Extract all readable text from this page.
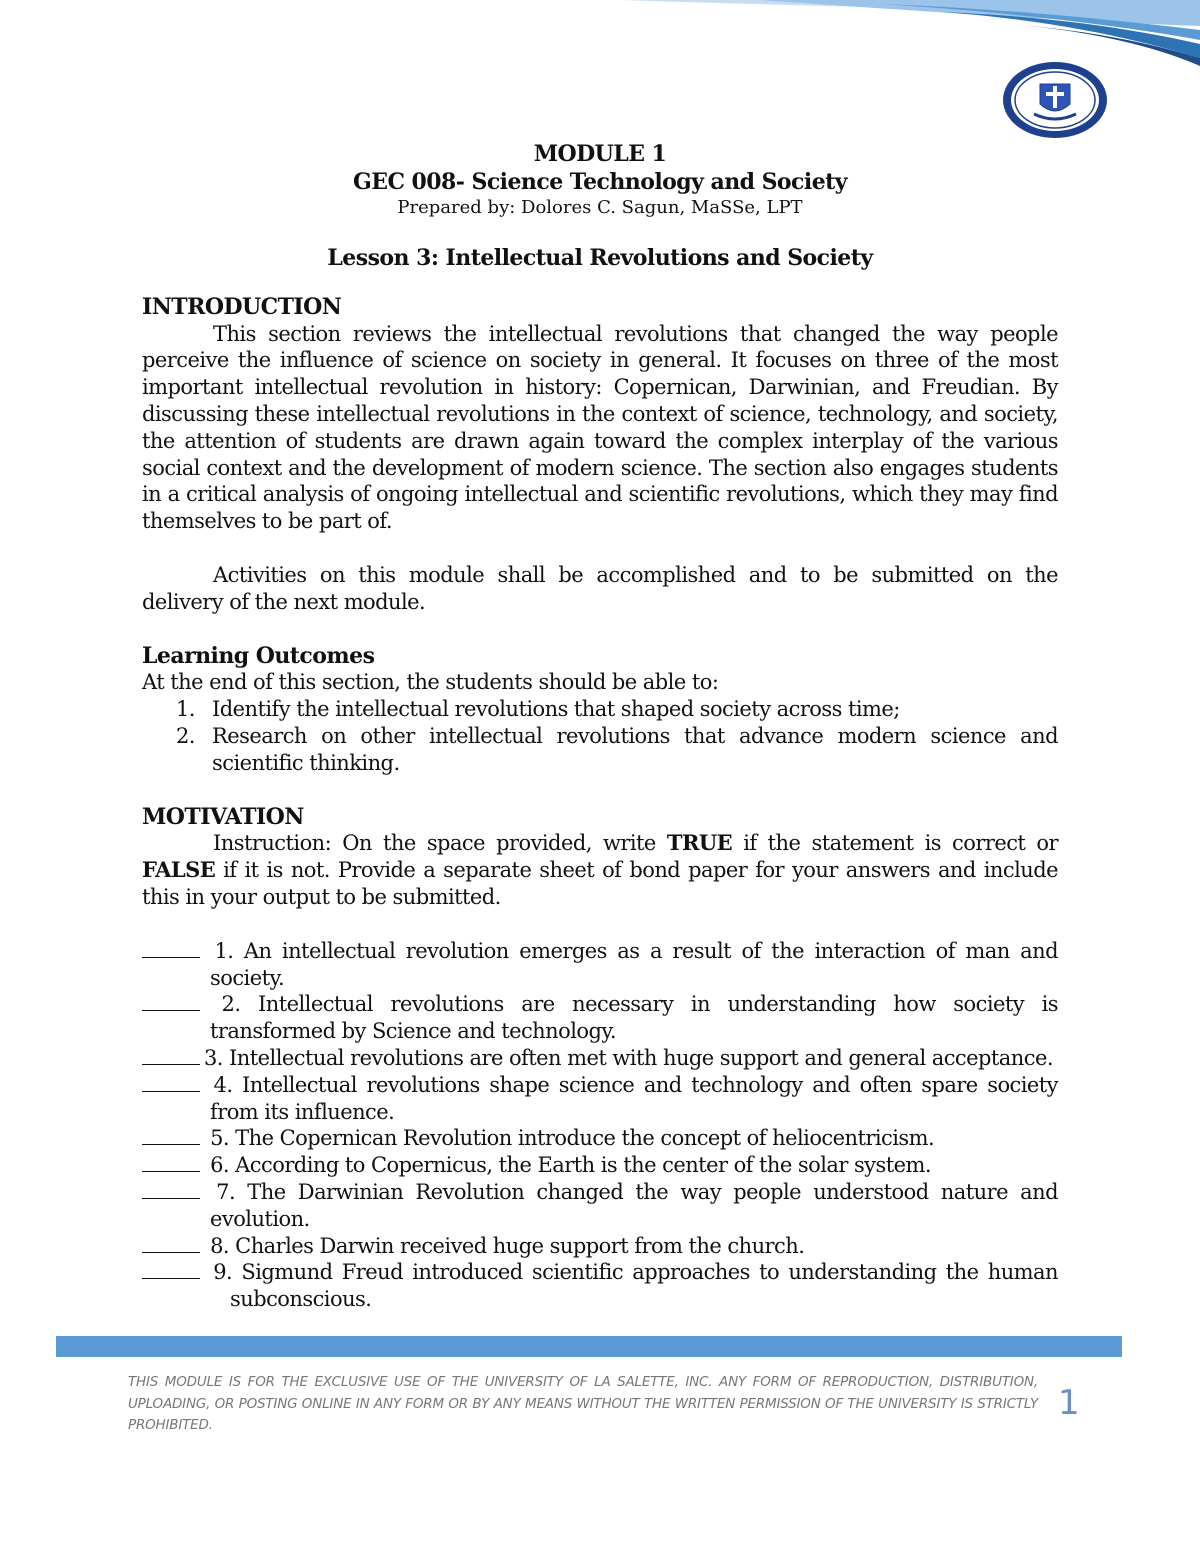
MODULE 1
GEC 008- Science Technology and Society
Prepared by: Dolores C. Sagun, MaSSe, LPT
Lesson 3: Intellectual Revolutions and Society
INTRODUCTION

This section reviews the intellectual revolutions that changed the way people perceive the influence of science on society in general. It focuses on three of the most important intellectual revolution in history: Copernican, Darwinian, and Freudian. By discussing these intellectual revolutions in the context of science, technology, and society, the attention of students are drawn again toward the complex interplay of the various social context and the development of modern science. The section also engages students in a critical analysis of ongoing intellectual and scientific revolutions, which they may find themselves to be part of.

Activities on this module shall be accomplished and to be submitted on the delivery of the next module.

Learning Outcomes

At the end of this section, the students should be able to:

1. Identify the intellectual revolutions that shaped society across time;
2. Research on other intellectual revolutions that advance modern science and scientific thinking.
MOTIVATION

Instruction: On the space provided, write TRUE if the statement is correct or FALSE if it is not. Provide a separate sheet of bond paper for your answers and include this in your output to be submitted.

1. An intellectual revolution emerges as a result of the interaction of man and society.
2. Intellectual revolutions are necessary in understanding how society is transformed by Science and technology.
3. Intellectual revolutions are often met with huge support and general acceptance.
4. Intellectual revolutions shape science and technology and often spare society from its influence.
5. The Copernican Revolution introduce the concept of heliocentricism.
6. According to Copernicus, the Earth is the center of the solar system.
7. The Darwinian Revolution changed the way people understood nature and evolution.
8. Charles Darwin received huge support from the church.
9. Sigmund Freud introduced scientific approaches to understanding the human subconscious.
THIS MODULE IS FOR THE EXCLUSIVE USE OF THE UNIVERSITY OF LA SALETTE, INC. ANY FORM OF REPRODUCTION, DISTRIBUTION, UPLOADING, OR POSTING ONLINE IN ANY FORM OR BY ANY MEANS WITHOUT THE WRITTEN PERMISSION OF THE UNIVERSITY IS STRICTLY PROHIBITED.
1
